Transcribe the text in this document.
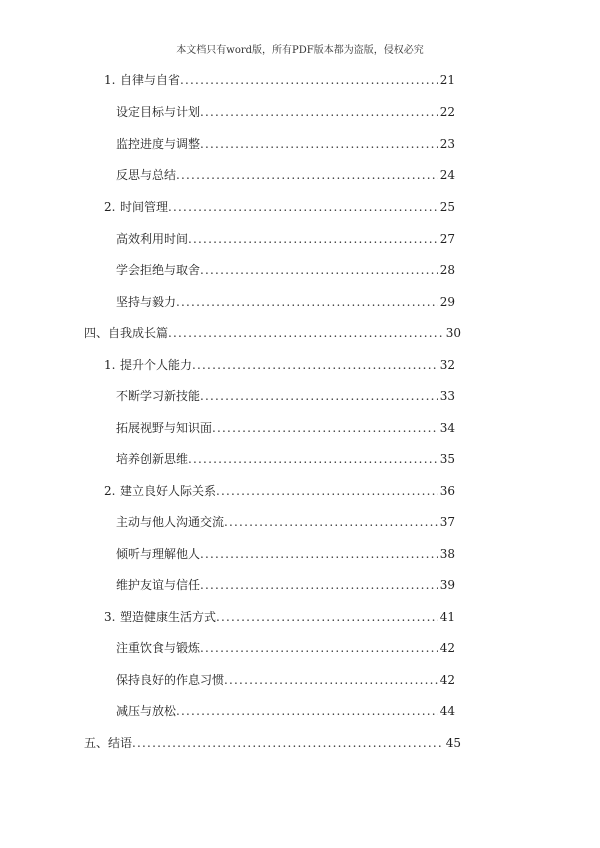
本文档只有word版，所有PDF版本都为盗版，侵权必究
1. 自律与自省 .....	21
设定目标与计划 .....	22
监控进度与调整 .....	23
反思与总结 .....	24
2. 时间管理 .....	25
高效利用时间 .....	27
学会拒绝与取舍 .....	28
坚持与毅力 .....	29
四、自我成长篇 .....	30
1. 提升个人能力 .....	32
不断学习新技能 .....	33
拓展视野与知识面 .....	34
培养创新思维 .....	35
2. 建立良好人际关系 .....	36
主动与他人沟通交流 .....	37
倾听与理解他人 .....	38
维护友谊与信任 .....	39
3. 塑造健康生活方式 .....	41
注重饮食与锻炼 .....	42
保持良好的作息习惯 .....	42
减压与放松 .....	44
五、结语 .....	45
